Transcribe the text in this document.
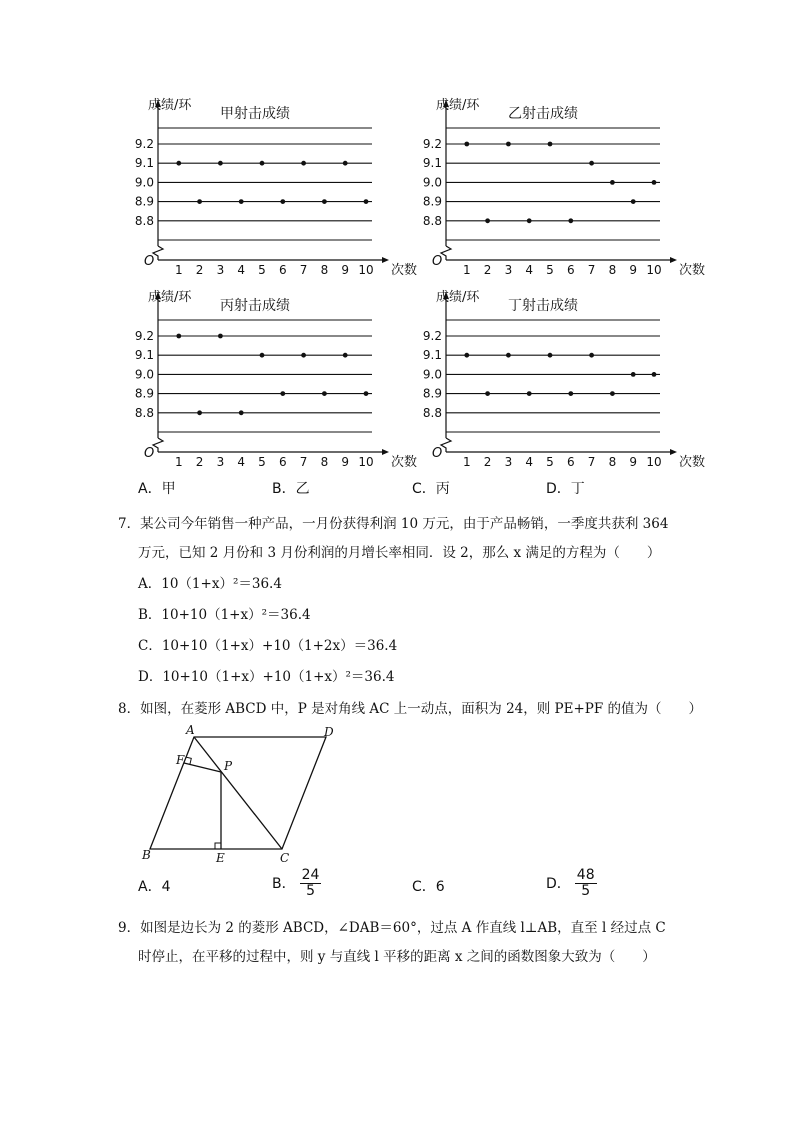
成绩/环
甲射击成绩
9.2
9.1
9.0
8.9
8.8
O
1 2 3 4 5 6 7 8 9 10 次数
成绩/环
乙射击成绩
9.2
9.1
9.0
8.9
8.8
O
1 2 3 4 5 6 7 8 9 10 次数
成绩/环
丙射击成绩
9.2
9.1
9.0
8.9
8.8
O
1 2 3 4 5 6 7 8 9 10 次数
成绩/环
丁射击成绩
9.2
9.1
9.0
8.9
8.8
O
1 2 3 4 5 6 7 8 9 10 次数
A．甲	B．乙	C．丙	D．丁
7．某公司今年销售一种产品，一月份获得利润 10 万元，由于产品畅销，一季度共获利 364
万元，已知 2 月份和 3 月份利润的月增长率相同．设 2，那么 x 满足的方程为（　　）
A．10（1+x）²＝36.4
B．10+10（1+x）²＝36.4
C．10+10（1+x）+10（1+2x）＝36.4
D．10+10（1+x）+10（1+x）²＝36.4
8．如图，在菱形 ABCD 中，P 是对角线 AC 上一动点，面积为 24，则 PE+PF 的值为（　　）
A	D
B	C
E
F	P
A．4	B． $\frac{24}{5}$	C．6	D． $\frac{48}{5}$
9．如图是边长为 2 的菱形 ABCD，∠DAB＝60°，过点 A 作直线 l⊥AB，直至 l 经过点 C
时停止，在平移的过程中，则 y 与直线 l 平移的距离 x 之间的函数图象大致为（　　）
